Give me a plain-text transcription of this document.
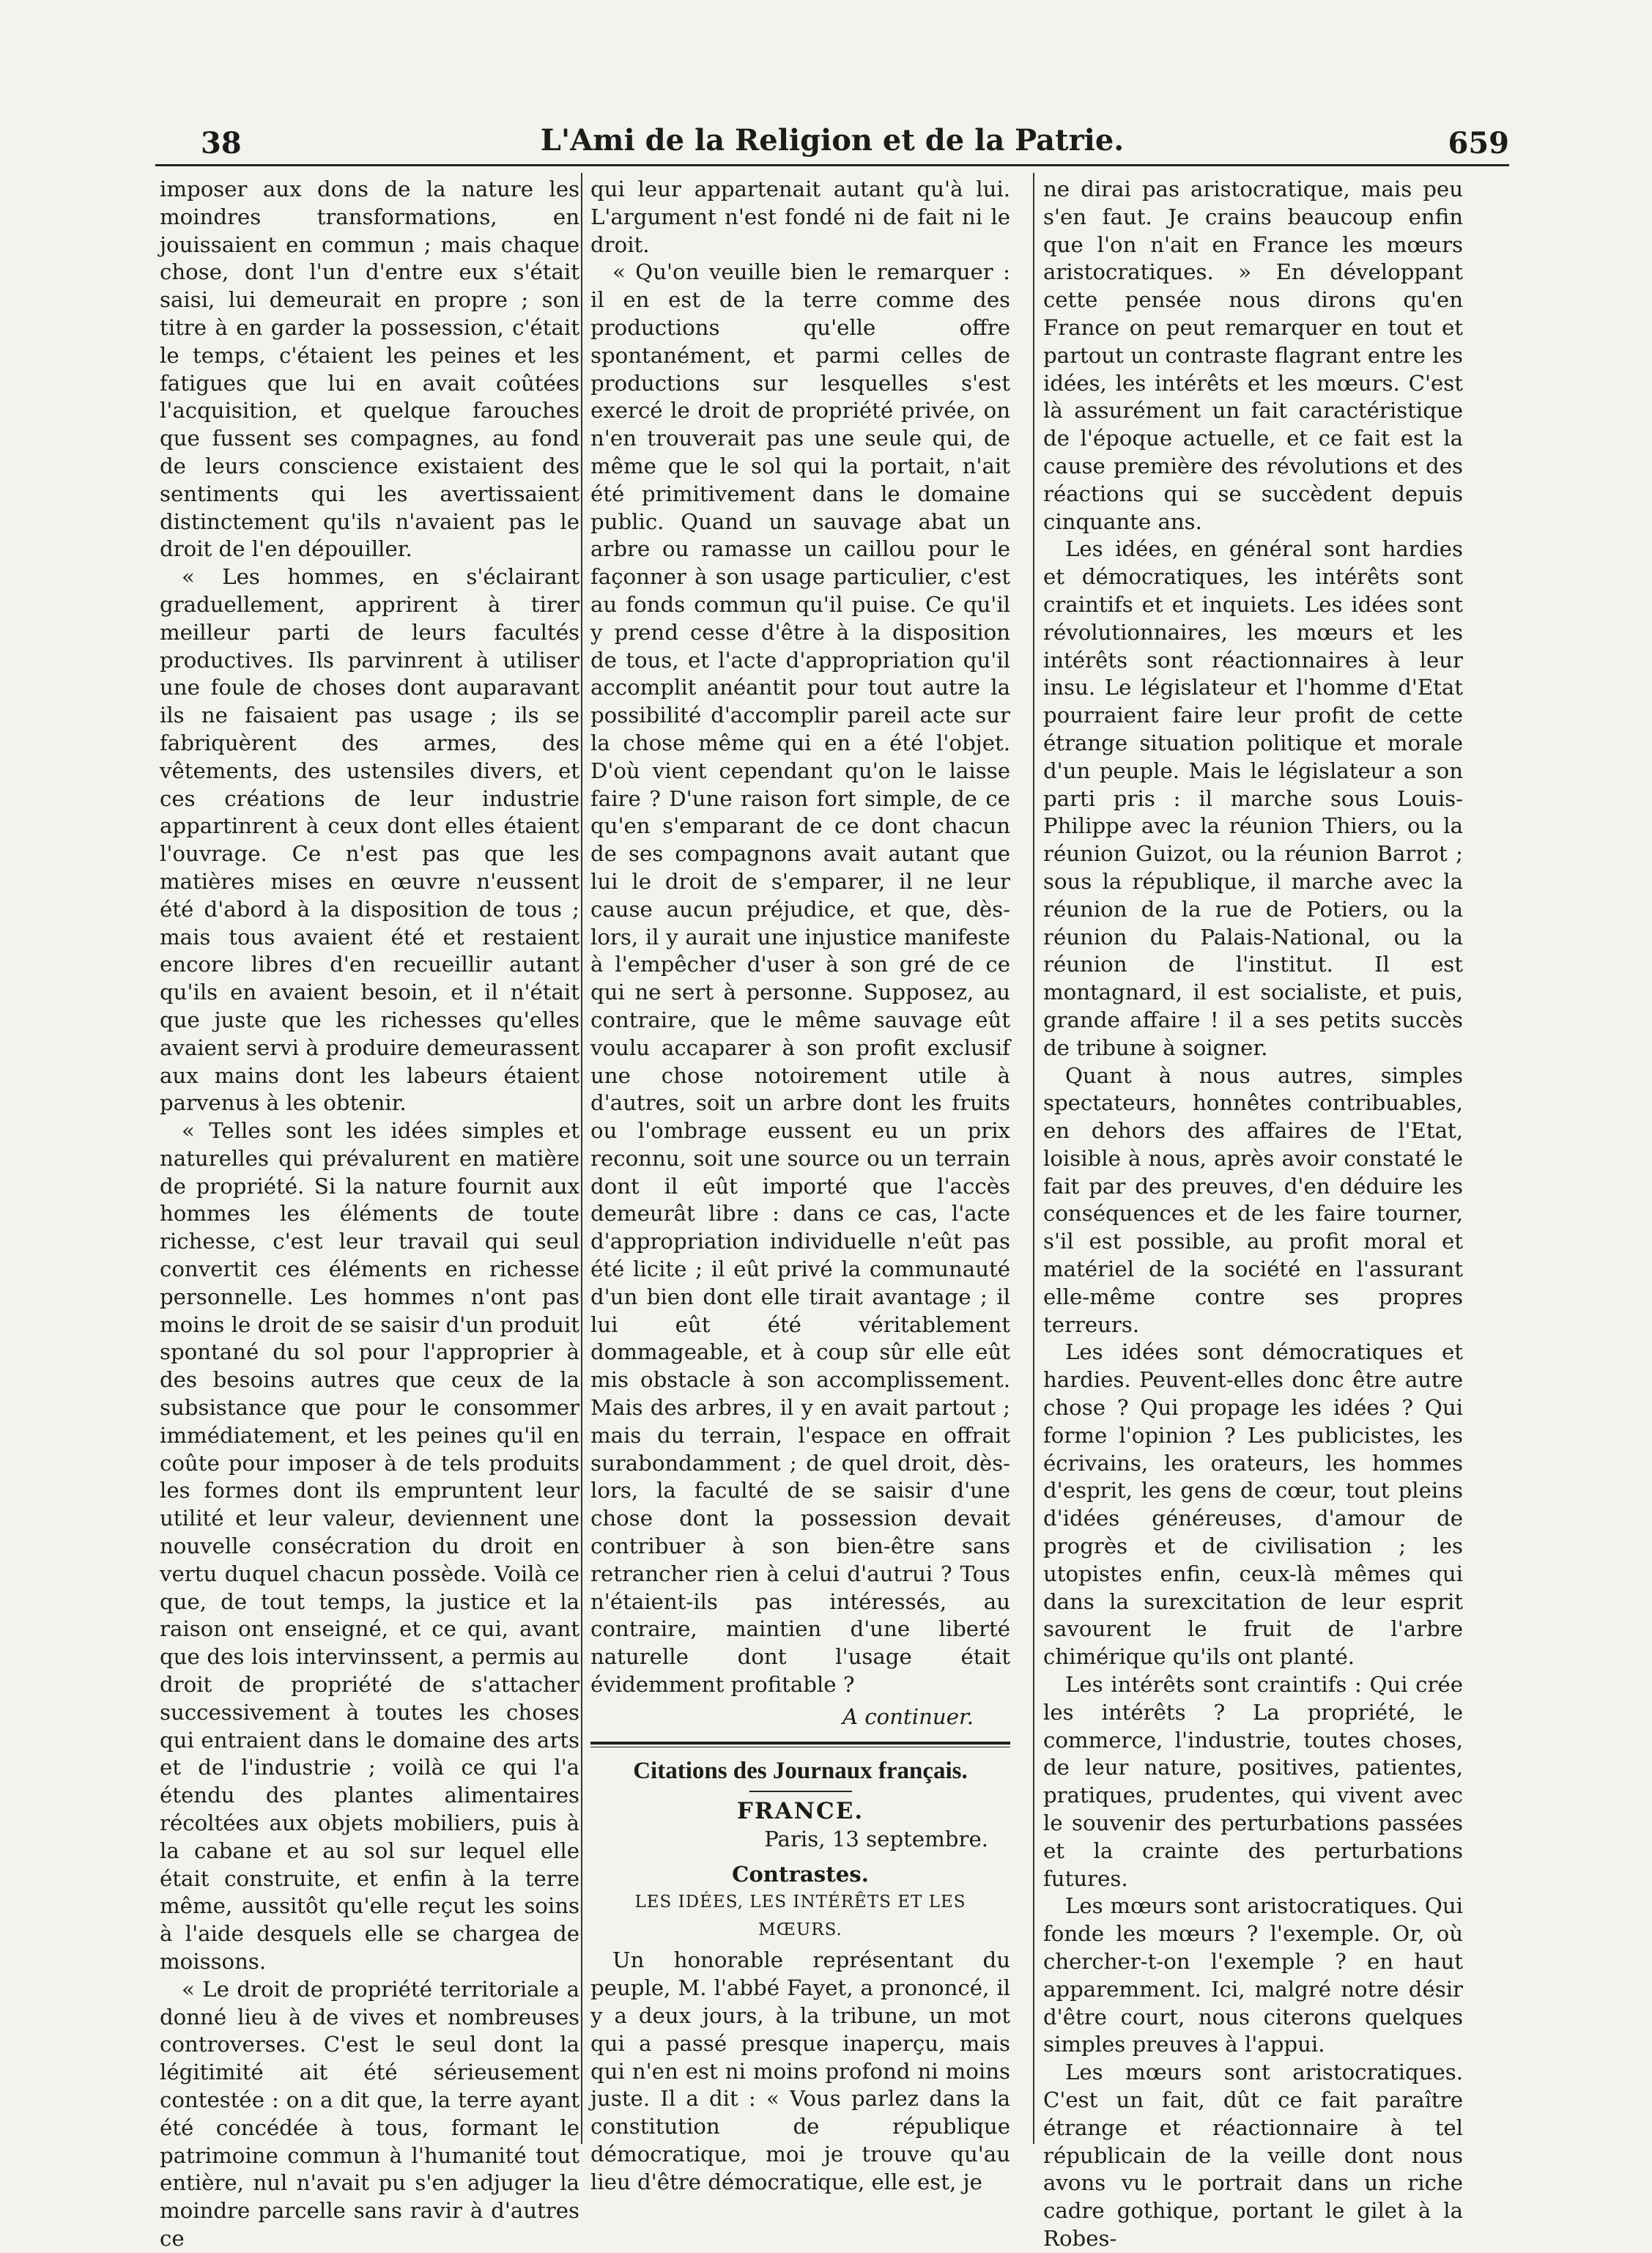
38	L'Ami de la Religion et de la Patrie.	659

imposer aux dons de la nature les moindres transformations, en jouissaient en commun ; mais chaque chose, dont l'un d'entre eux s'était saisi, lui demeurait en propre ; son titre à en garder la possession, c'était le temps, c'étaient les peines et les fatigues que lui en avait coûtées l'acquisition, et quelque farouches que fussent ses compagnes, au fond de leurs conscience existaient des sentiments qui les avertissaient distinctement qu'ils n'avaient pas le droit de l'en dépouiller.

« Les hommes, en s'éclairant graduellement, apprirent à tirer meilleur parti de leurs facultés productives. Ils parvinrent à utiliser une foule de choses dont auparavant ils ne faisaient pas usage ; ils se fabriquèrent des armes, des vêtements, des ustensiles divers, et ces créations de leur industrie appartinrent à ceux dont elles étaient l'ouvrage. Ce n'est pas que les matières mises en œuvre n'eussent été d'abord à la disposition de tous ; mais tous avaient été et restaient encore libres d'en recueillir autant qu'ils en avaient besoin, et il n'était que juste que les richesses qu'elles avaient servi à produire demeurassent aux mains dont les labeurs étaient parvenus à les obtenir.

« Telles sont les idées simples et naturelles qui prévalurent en matière de propriété. Si la nature fournit aux hommes les éléments de toute richesse, c'est leur travail qui seul convertit ces éléments en richesse personnelle. Les hommes n'ont pas moins le droit de se saisir d'un produit spontané du sol pour l'approprier à des besoins autres que ceux de la subsistance que pour le consommer immédiatement, et les peines qu'il en coûte pour imposer à de tels produits les formes dont ils empruntent leur utilité et leur valeur, deviennent une nouvelle consécration du droit en vertu duquel chacun possède. Voilà ce que, de tout temps, la justice et la raison ont enseigné, et ce qui, avant que des lois intervinssent, a permis au droit de propriété de s'attacher successivement à toutes les choses qui entraient dans le domaine des arts et de l'industrie ; voilà ce qui l'a étendu des plantes alimentaires récoltées aux objets mobiliers, puis à la cabane et au sol sur lequel elle était construite, et enfin à la terre même, aussitôt qu'elle reçut les soins à l'aide desquels elle se chargea de moissons.

« Le droit de propriété territoriale a donné lieu à de vives et nombreuses controverses. C'est le seul dont la légitimité ait été sérieusement contestée : on a dit que, la terre ayant été concédée à tous, formant le patrimoine commun à l'humanité tout entière, nul n'avait pu s'en adjuger la moindre parcelle sans ravir à d'autres ce

qui leur appartenait autant qu'à lui. L'argument n'est fondé ni de fait ni le droit.

« Qu'on veuille bien le remarquer : il en est de la terre comme des productions qu'elle offre spontanément, et parmi celles de productions sur lesquelles s'est exercé le droit de propriété privée, on n'en trouverait pas une seule qui, de même que le sol qui la portait, n'ait été primitivement dans le domaine public. Quand un sauvage abat un arbre ou ramasse un caillou pour le façonner à son usage particulier, c'est au fonds commun qu'il puise. Ce qu'il y prend cesse d'être à la disposition de tous, et l'acte d'appropriation qu'il accomplit anéantit pour tout autre la possibilité d'accomplir pareil acte sur la chose même qui en a été l'objet. D'où vient cependant qu'on le laisse faire ? D'une raison fort simple, de ce qu'en s'emparant de ce dont chacun de ses compagnons avait autant que lui le droit de s'emparer, il ne leur cause aucun préjudice, et que, dès-lors, il y aurait une injustice manifeste à l'empêcher d'user à son gré de ce qui ne sert à personne. Supposez, au contraire, que le même sauvage eût voulu accaparer à son profit exclusif une chose notoirement utile à d'autres, soit un arbre dont les fruits ou l'ombrage eussent eu un prix reconnu, soit une source ou un terrain dont il eût importé que l'accès demeurât libre : dans ce cas, l'acte d'appropriation individuelle n'eût pas été licite ; il eût privé la communauté d'un bien dont elle tirait avantage ; il lui eût été véritablement dommageable, et à coup sûr elle eût mis obstacle à son accomplissement. Mais des arbres, il y en avait partout ; mais du terrain, l'espace en offrait surabondamment ; de quel droit, dès-lors, la faculté de se saisir d'une chose dont la possession devait contribuer à son bien-être sans retrancher rien à celui d'autrui ? Tous n'étaient-ils pas intéressés, au contraire, maintien d'une liberté naturelle dont l'usage était évidemment profitable ?

A continuer.

Citations des Journaux français.

FRANCE.

Paris, 13 septembre.

Contrastes.

LES IDÉES, LES INTÉRÊTS ET LES MŒURS.

Un honorable représentant du peuple, M. l'abbé Fayet, a prononcé, il y a deux jours, à la tribune, un mot qui a passé presque inaperçu, mais qui n'en est ni moins profond ni moins juste. Il a dit : « Vous parlez dans la constitution de république démocratique, moi je trouve qu'au lieu d'être démocratique, elle est, je

ne dirai pas aristocratique, mais peu s'en faut. Je crains beaucoup enfin que l'on n'ait en France les mœurs aristocratiques. » En développant cette pensée nous dirons qu'en France on peut remarquer en tout et partout un contraste flagrant entre les idées, les intérêts et les mœurs. C'est là assurément un fait caractéristique de l'époque actuelle, et ce fait est la cause première des révolutions et des réactions qui se succèdent depuis cinquante ans.

Les idées, en général sont hardies et démocratiques, les intérêts sont craintifs et et inquiets. Les idées sont révolutionnaires, les mœurs et les intérêts sont réactionnaires à leur insu. Le législateur et l'homme d'Etat pourraient faire leur profit de cette étrange situation politique et morale d'un peuple. Mais le législateur a son parti pris : il marche sous Louis-Philippe avec la réunion Thiers, ou la réunion Guizot, ou la réunion Barrot ; sous la république, il marche avec la réunion de la rue de Potiers, ou la réunion du Palais-National, ou la réunion de l'institut. Il est montagnard, il est socialiste, et puis, grande affaire ! il a ses petits succès de tribune à soigner.

Quant à nous autres, simples spectateurs, honnêtes contribuables, en dehors des affaires de l'Etat, loisible à nous, après avoir constaté le fait par des preuves, d'en déduire les conséquences et de les faire tourner, s'il est possible, au profit moral et matériel de la société en l'assurant elle-même contre ses propres terreurs.

Les idées sont démocratiques et hardies. Peuvent-elles donc être autre chose ? Qui propage les idées ? Qui forme l'opinion ? Les publicistes, les écrivains, les orateurs, les hommes d'esprit, les gens de cœur, tout pleins d'idées généreuses, d'amour de progrès et de civilisation ; les utopistes enfin, ceux-là mêmes qui dans la surexcitation de leur esprit savourent le fruit de l'arbre chimérique qu'ils ont planté.

Les intérêts sont craintifs : Qui crée les intérêts ? La propriété, le commerce, l'industrie, toutes choses, de leur nature, positives, patientes, pratiques, prudentes, qui vivent avec le souvenir des perturbations passées et la crainte des perturbations futures.

Les mœurs sont aristocratiques. Qui fonde les mœurs ? l'exemple. Or, où chercher-t-on l'exemple ? en haut apparemment. Ici, malgré notre désir d'être court, nous citerons quelques simples preuves à l'appui.

Les mœurs sont aristocratiques. C'est un fait, dût ce fait paraître étrange et réactionnaire à tel républicain de la veille dont nous avons vu le portrait dans un riche cadre gothique, portant le gilet à la Robes-
